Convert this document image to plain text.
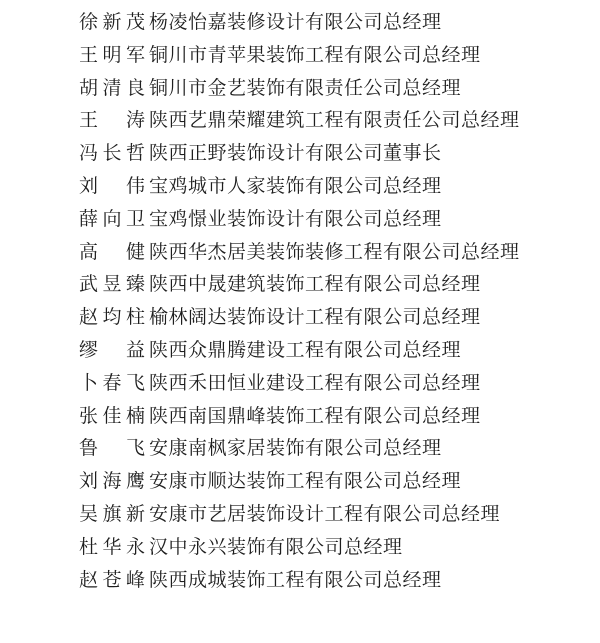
徐新茂 杨凌怡嘉装修设计有限公司总经理
王明军 铜川市青苹果装饰工程有限公司总经理
胡清良 铜川市金艺装饰有限责任公司总经理
王　涛 陕西艺鼎荣耀建筑工程有限责任公司总经理
冯长哲 陕西正野装饰设计有限公司董事长
刘　伟 宝鸡城市人家装饰有限公司总经理
薛向卫 宝鸡憬业装饰设计有限公司总经理
高　健 陕西华杰居美装饰装修工程有限公司总经理
武昱臻 陕西中晟建筑装饰工程有限公司总经理
赵均柱 榆林阔达装饰设计工程有限公司总经理
缪　益 陕西众鼎腾建设工程有限公司总经理
卜春飞 陕西禾田恒业建设工程有限公司总经理
张佳楠 陕西南国鼎峰装饰工程有限公司总经理
鲁　飞 安康南枫家居装饰有限公司总经理
刘海鹰 安康市顺达装饰工程有限公司总经理
吴旗新 安康市艺居装饰设计工程有限公司总经理
杜华永 汉中永兴装饰有限公司总经理
赵苍峰 陕西成城装饰工程有限公司总经理
